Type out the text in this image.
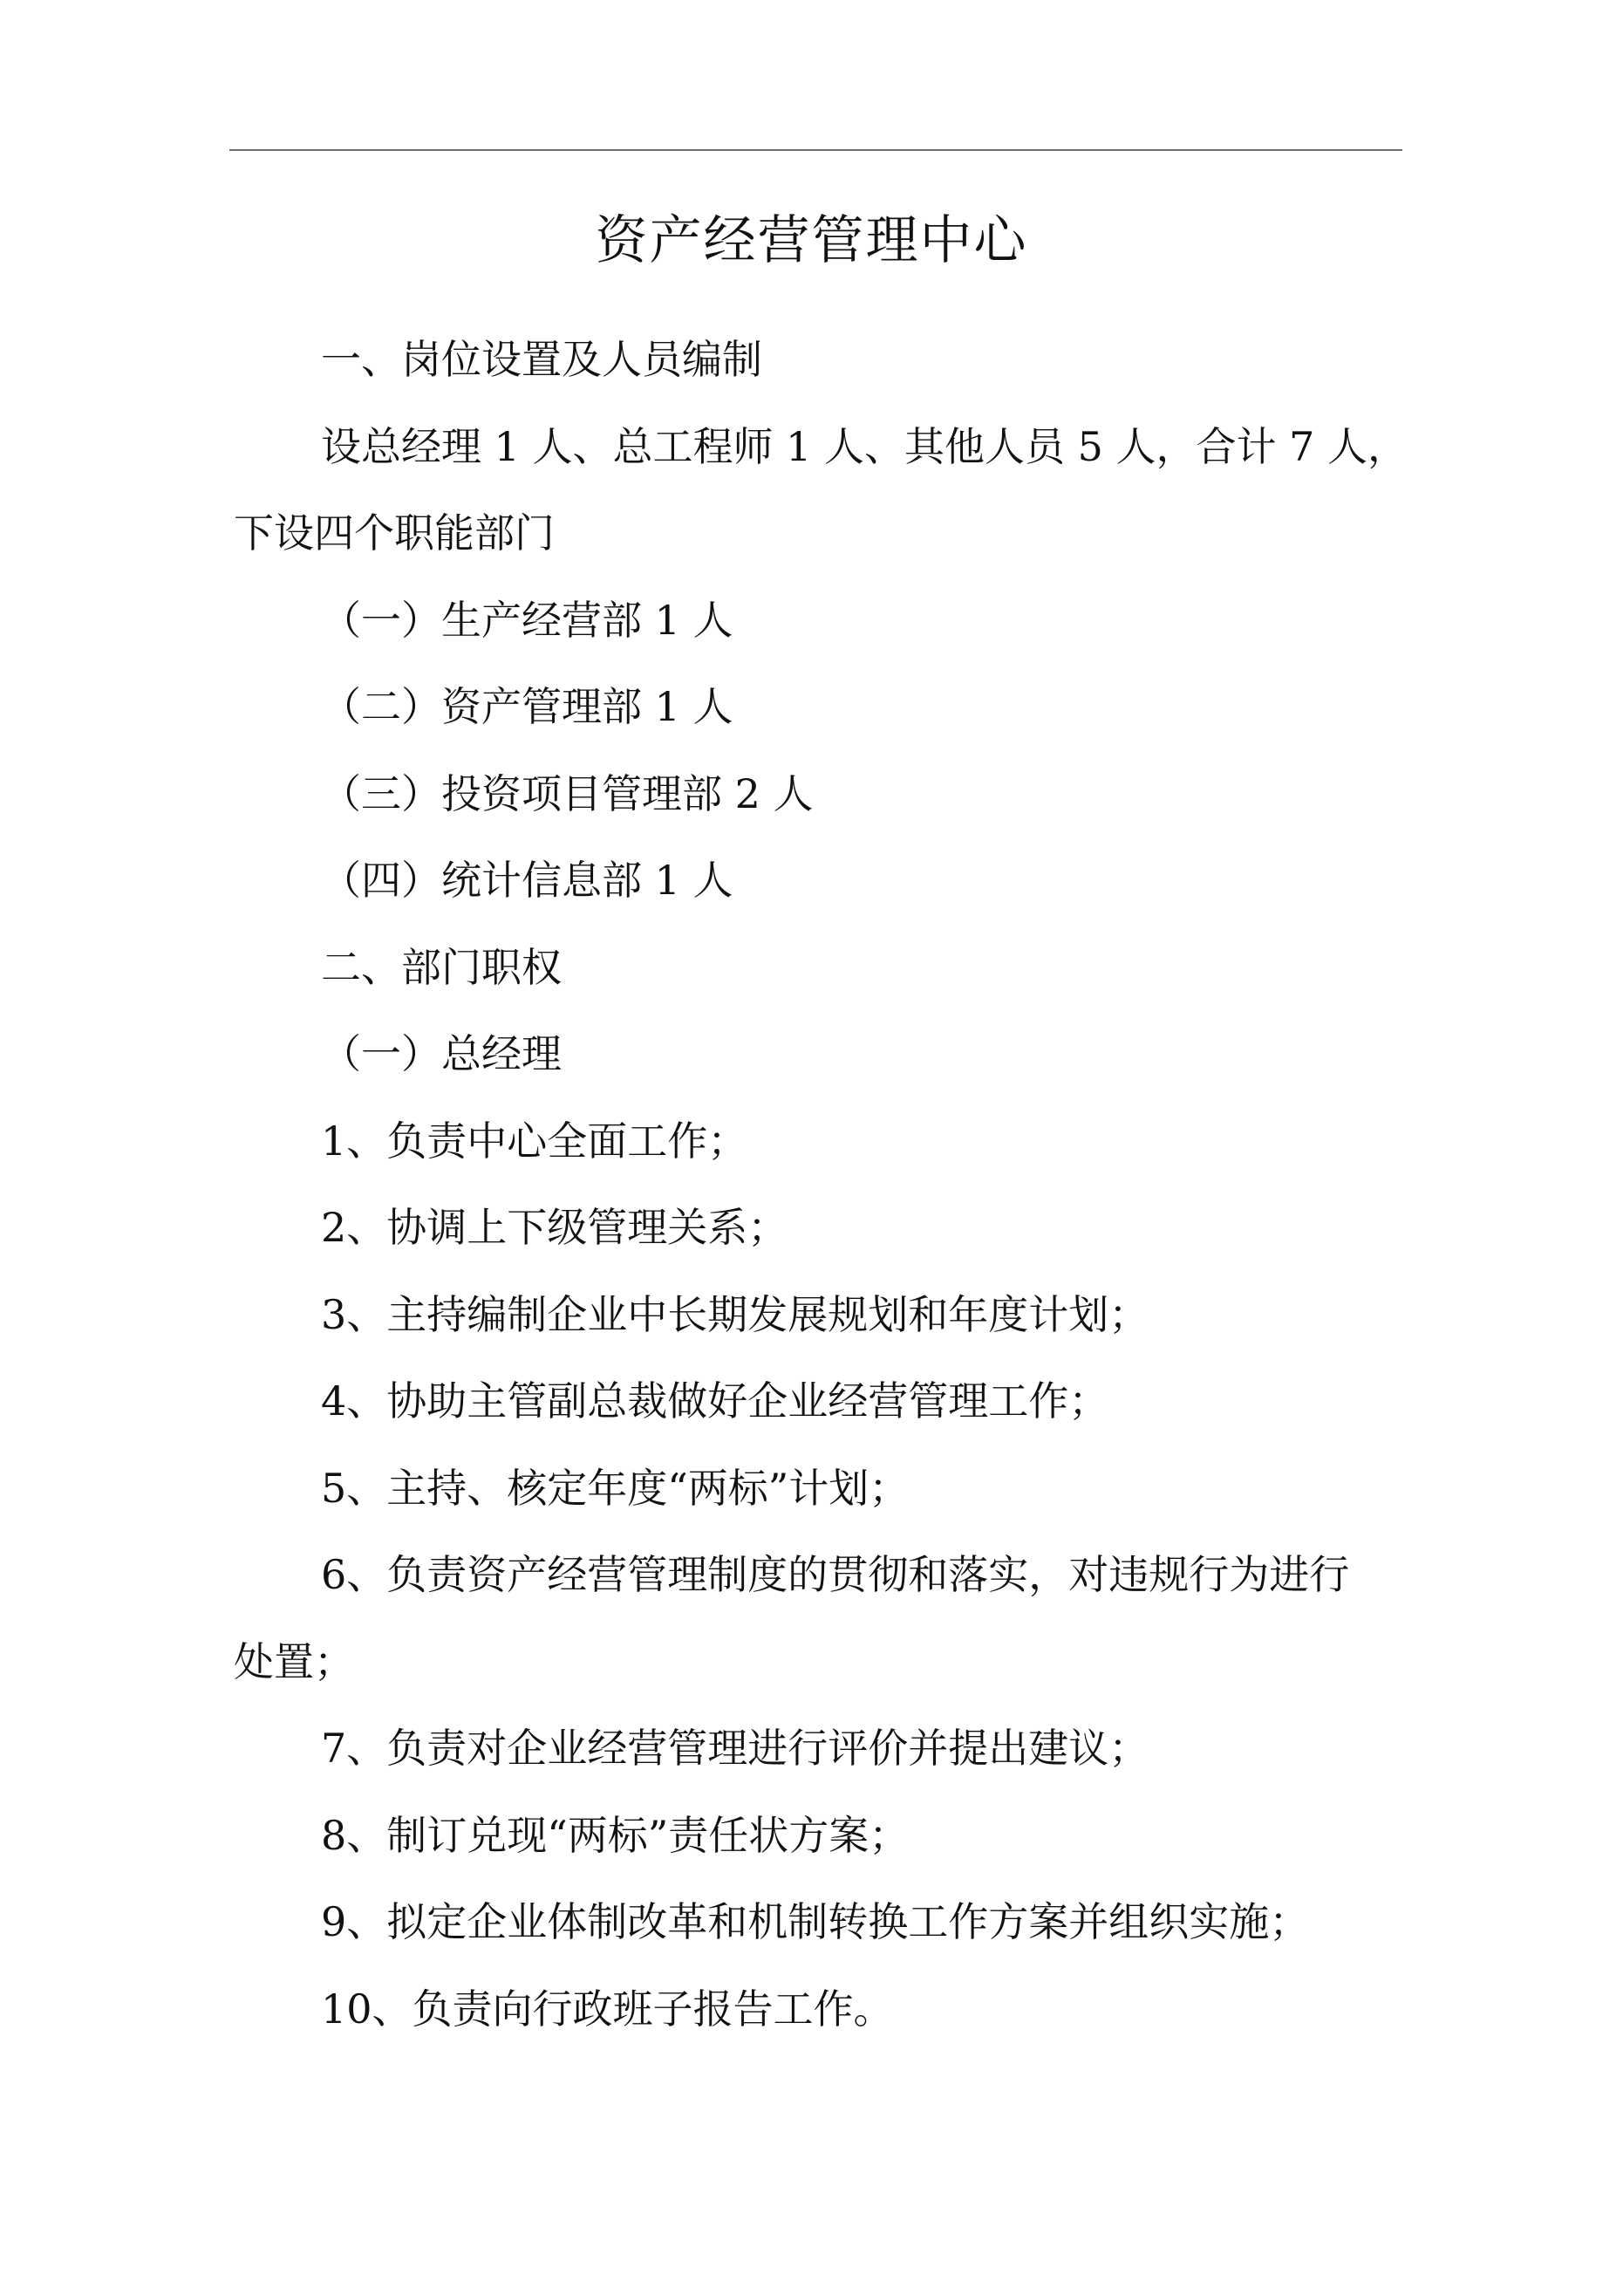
资产经营管理中心

一、岗位设置及人员编制

设总经理 1 人、总工程师 1 人、其他人员 5 人，合计 7 人，

下设四个职能部门

（一）生产经营部 1 人

（二）资产管理部 1 人

（三）投资项目管理部 2 人

（四）统计信息部 1 人

二、部门职权

（一）总经理

1、负责中心全面工作；

2、协调上下级管理关系；

3、主持编制企业中长期发展规划和年度计划；

4、协助主管副总裁做好企业经营管理工作；

5、主持、核定年度“两标”计划；

6、负责资产经营管理制度的贯彻和落实，对违规行为进行

处置；

7、负责对企业经营管理进行评价并提出建议；

8、制订兑现“两标”责任状方案；

9、拟定企业体制改革和机制转换工作方案并组织实施；

10、负责向行政班子报告工作。
